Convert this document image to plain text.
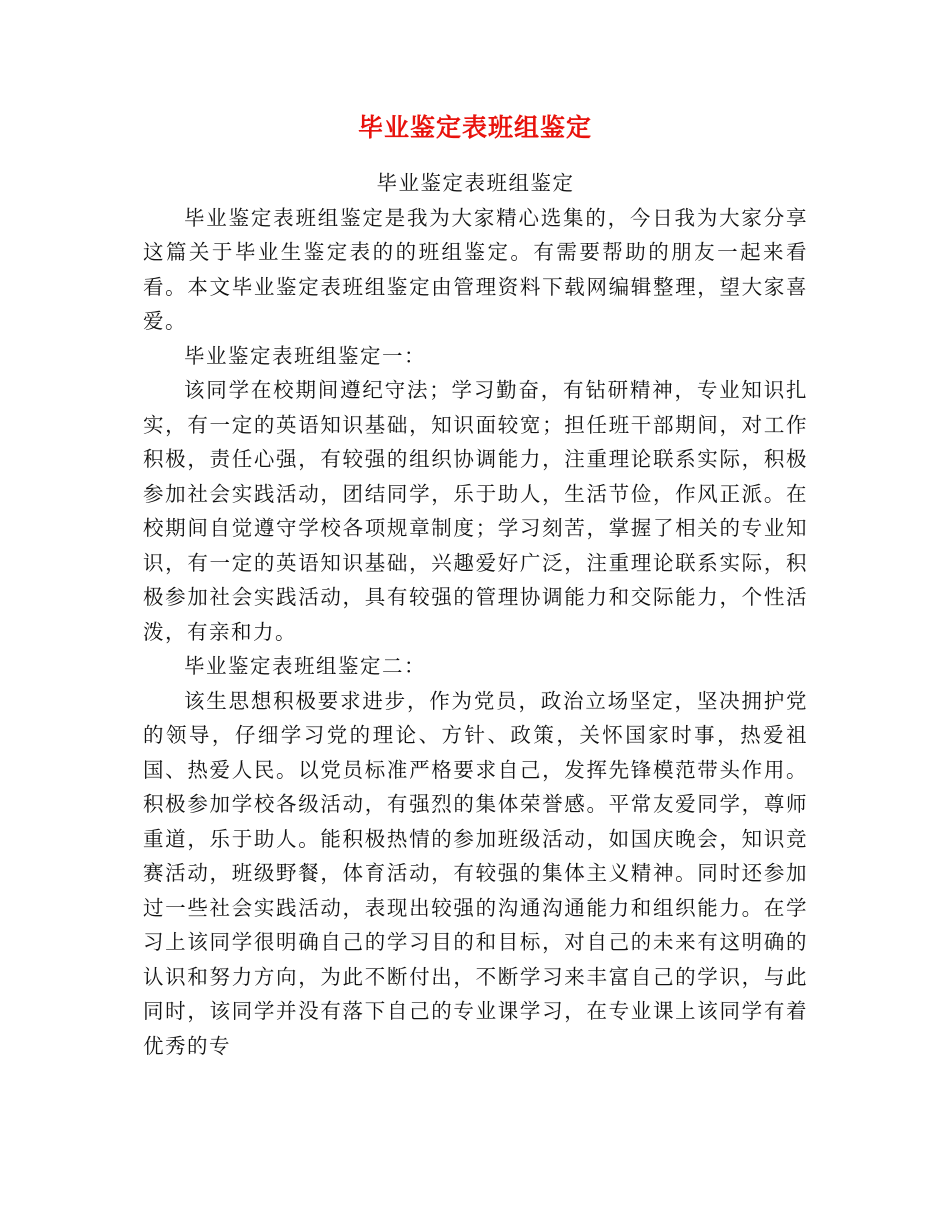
毕业鉴定表班组鉴定

毕业鉴定表班组鉴定

毕业鉴定表班组鉴定是我为大家精心选集的，今日我为大家分享这篇关于毕业生鉴定表的的班组鉴定。有需要帮助的朋友一起来看看。本文毕业鉴定表班组鉴定由管理资料下载网编辑整理，望大家喜爱。

毕业鉴定表班组鉴定一：

该同学在校期间遵纪守法；学习勤奋，有钻研精神，专业知识扎实，有一定的英语知识基础，知识面较宽；担任班干部期间，对工作积极，责任心强，有较强的组织协调能力，注重理论联系实际，积极参加社会实践活动，团结同学，乐于助人，生活节俭，作风正派。在校期间自觉遵守学校各项规章制度；学习刻苦，掌握了相关的专业知识，有一定的英语知识基础，兴趣爱好广泛，注重理论联系实际，积极参加社会实践活动，具有较强的管理协调能力和交际能力，个性活泼，有亲和力。

毕业鉴定表班组鉴定二：

该生思想积极要求进步，作为党员，政治立场坚定，坚决拥护党的领导，仔细学习党的理论、方针、政策，关怀国家时事，热爱祖国、热爱人民。以党员标准严格要求自己，发挥先锋模范带头作用。积极参加学校各级活动，有强烈的集体荣誉感。平常友爱同学，尊师重道，乐于助人。能积极热情的参加班级活动，如国庆晚会，知识竞赛活动，班级野餐，体育活动，有较强的集体主义精神。同时还参加过一些社会实践活动，表现出较强的沟通沟通能力和组织能力。在学习上该同学很明确自己的学习目的和目标，对自己的未来有这明确的认识和努力方向，为此不断付出，不断学习来丰富自己的学识，与此同时，该同学并没有落下自己的专业课学习，在专业课上该同学有着优秀的专
